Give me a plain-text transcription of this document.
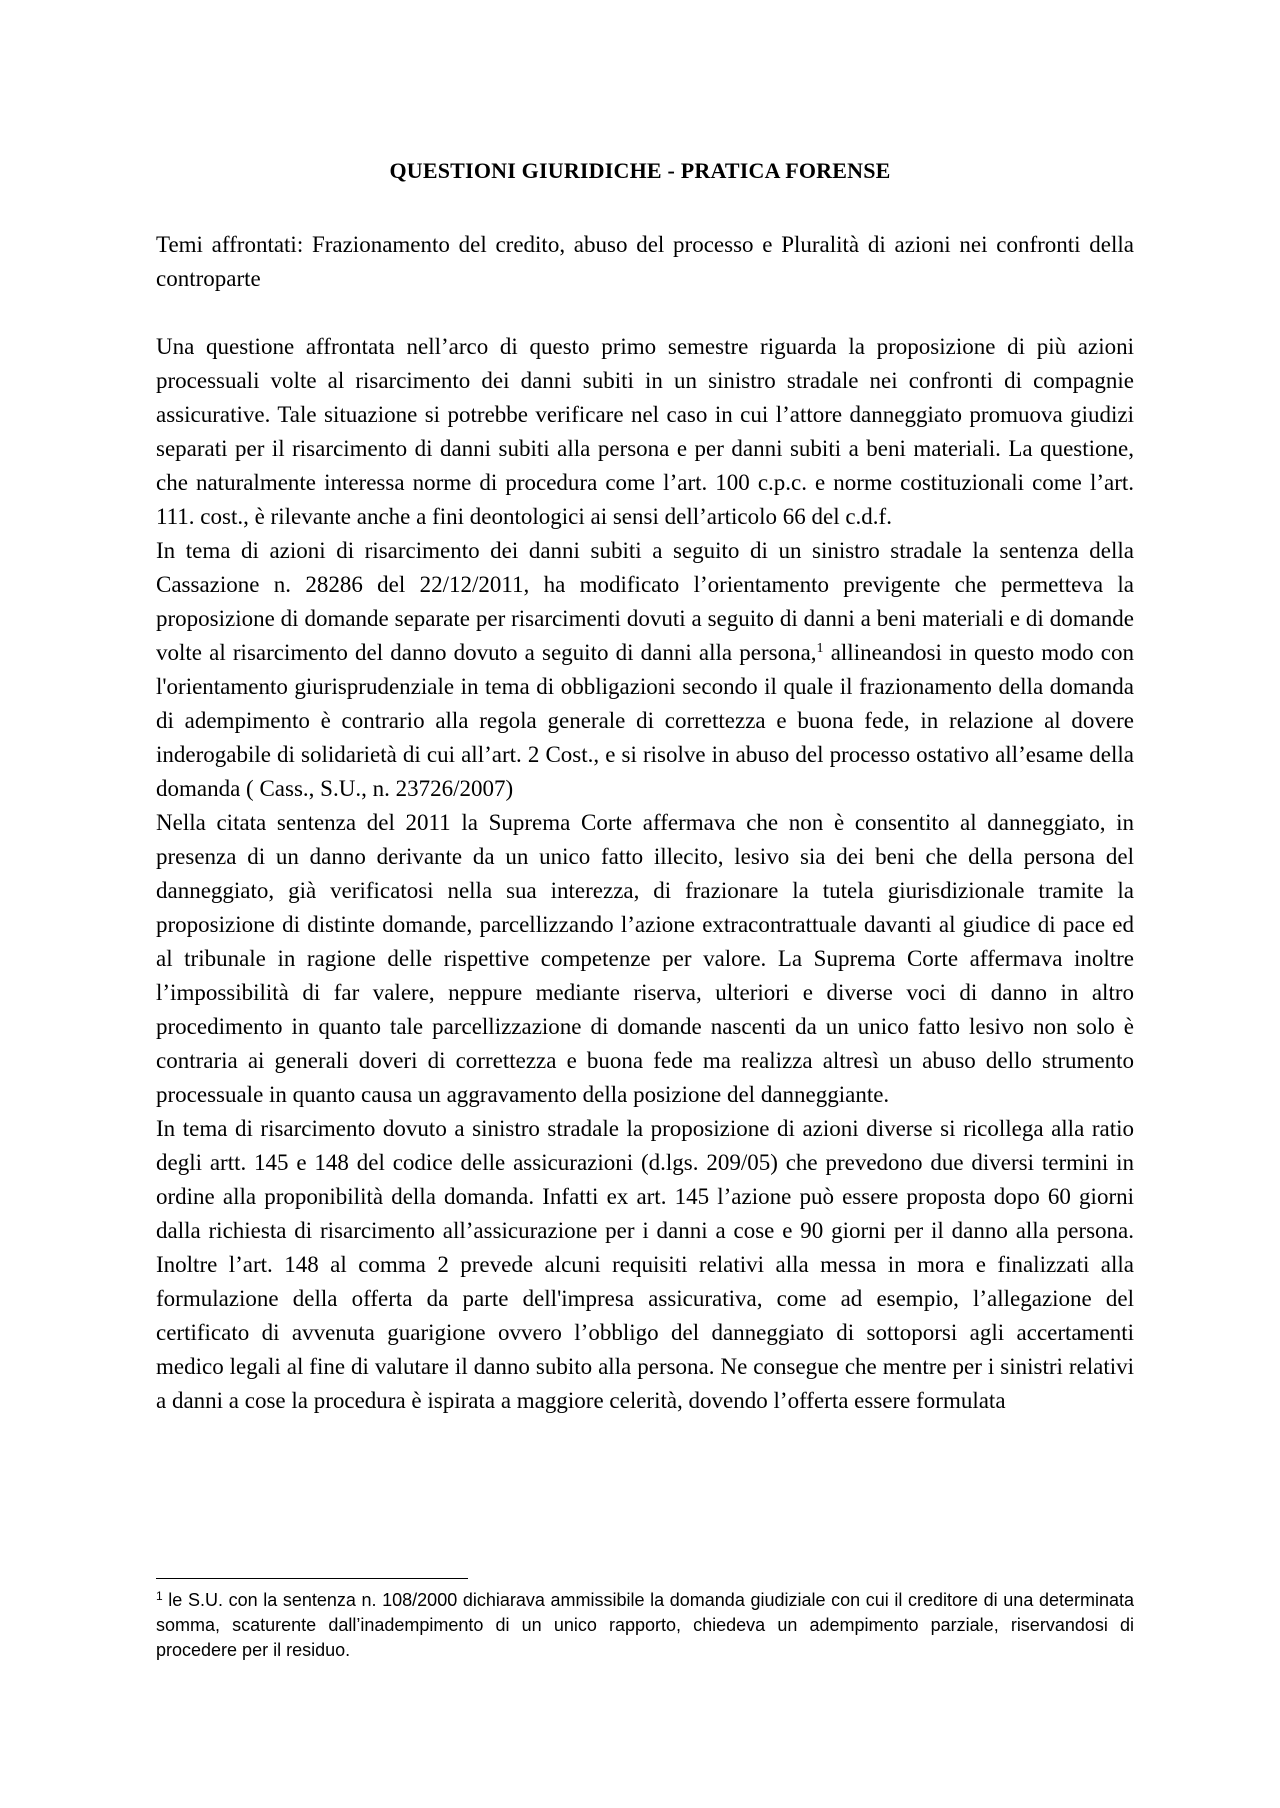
QUESTIONI GIURIDICHE - PRATICA FORENSE
Temi affrontati: Frazionamento del credito, abuso del processo e Pluralità di azioni nei confronti della controparte

Una questione affrontata nell’arco di questo primo semestre riguarda la proposizione di più azioni processuali volte al risarcimento dei danni subiti in un sinistro stradale nei confronti di compagnie assicurative. Tale situazione si potrebbe verificare nel caso in cui l’attore danneggiato promuova giudizi separati per il risarcimento di danni subiti alla persona e per danni subiti a beni materiali. La questione, che naturalmente interessa norme di procedura come l’art. 100 c.p.c. e norme costituzionali come l’art. 111. cost., è rilevante anche a fini deontologici ai sensi dell’articolo 66 del c.d.f.

In tema di azioni di risarcimento dei danni subiti a seguito di un sinistro stradale la sentenza della Cassazione n. 28286 del 22/12/2011, ha modificato l’orientamento previgente che permetteva la proposizione di domande separate per risarcimenti dovuti a seguito di danni a beni materiali e di domande volte al risarcimento del danno dovuto a seguito di danni alla persona,$^1$ allineandosi in questo modo con l'orientamento giurisprudenziale in tema di obbligazioni secondo il quale il frazionamento della domanda di adempimento è contrario alla regola generale di correttezza e buona fede, in relazione al dovere inderogabile di solidarietà di cui all’art. 2 Cost., e si risolve in abuso del processo ostativo all’esame della domanda ( Cass., S.U., n. 23726/2007)

Nella citata sentenza del 2011 la Suprema Corte affermava che non è consentito al danneggiato, in presenza di un danno derivante da un unico fatto illecito, lesivo sia dei beni che della persona del danneggiato, già verificatosi nella sua interezza, di frazionare la tutela giurisdizionale tramite la proposizione di distinte domande, parcellizzando l’azione extracontrattuale davanti al giudice di pace ed al tribunale in ragione delle rispettive competenze per valore. La Suprema Corte affermava inoltre l’impossibilità di far valere, neppure mediante riserva, ulteriori e diverse voci di danno in altro procedimento in quanto tale parcellizzazione di domande nascenti da un unico fatto lesivo non solo è contraria ai generali doveri di correttezza e buona fede ma realizza altresì un abuso dello strumento processuale in quanto causa un aggravamento della posizione del danneggiante.

In tema di risarcimento dovuto a sinistro stradale la proposizione di azioni diverse si ricollega alla ratio degli artt. 145 e 148 del codice delle assicurazioni (d.lgs. 209/05) che prevedono due diversi termini in ordine alla proponibilità della domanda. Infatti ex art. 145 l’azione può essere proposta dopo 60 giorni dalla richiesta di risarcimento all’assicurazione per i danni a cose e 90 giorni per il danno alla persona. Inoltre l’art. 148 al comma 2 prevede alcuni requisiti relativi alla messa in mora e finalizzati alla formulazione della offerta da parte dell'impresa assicurativa, come ad esempio, l’allegazione del certificato di avvenuta guarigione ovvero l’obbligo del danneggiato di sottoporsi agli accertamenti medico legali al fine di valutare il danno subito alla persona. Ne consegue che mentre per i sinistri relativi a danni a cose la procedura è ispirata a maggiore celerità, dovendo l’offerta essere formulata

$^1$ le S.U. con la sentenza n. 108/2000 dichiarava ammissibile la domanda giudiziale con cui il creditore di una determinata somma, scaturente dall’inadempimento di un unico rapporto, chiedeva un adempimento parziale, riservandosi di procedere per il residuo.
